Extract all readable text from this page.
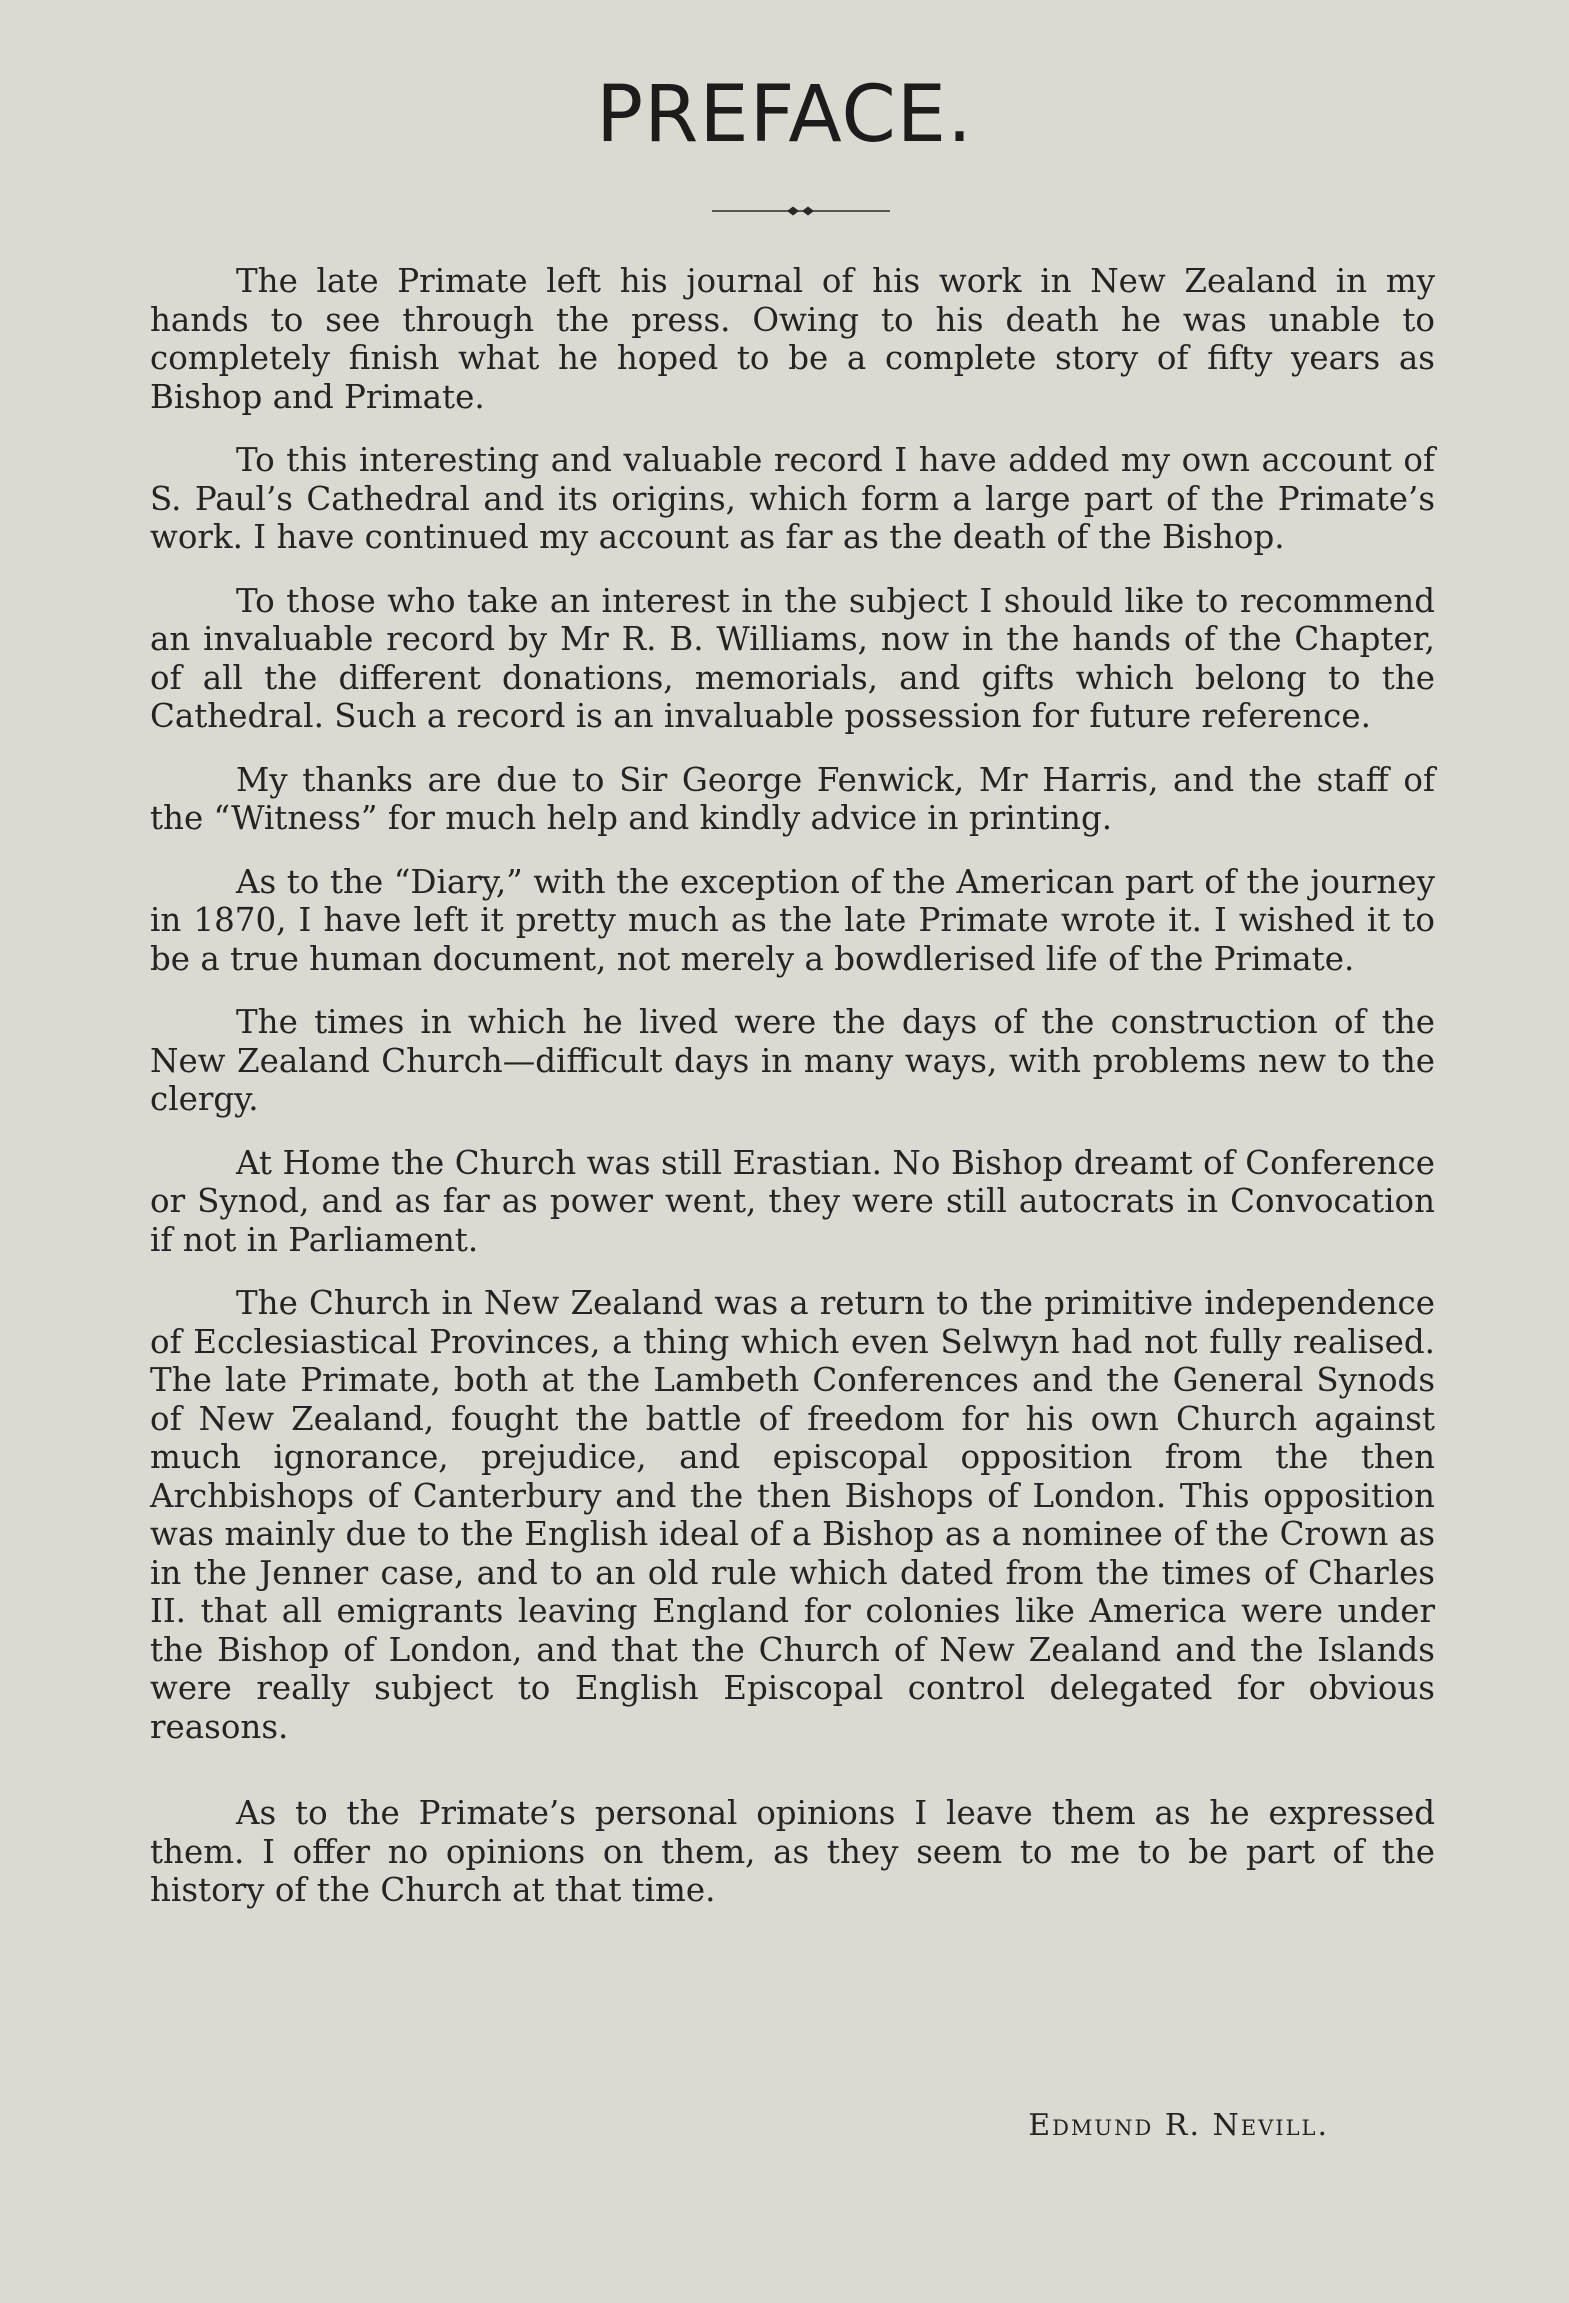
PREFACE.

The late Primate left his journal of his work in New Zealand in my hands to see through the press. Owing to his death he was unable to completely finish what he hoped to be a complete story of fifty years as Bishop and Primate.

To this interesting and valuable record I have added my own account of S. Paul’s Cathedral and its origins, which form a large part of the Primate’s work. I have continued my account as far as the death of the Bishop.

To those who take an interest in the subject I should like to recommend an invaluable record by Mr R. B. Williams, now in the hands of the Chapter, of all the different donations, memorials, and gifts which belong to the Cathedral. Such a record is an invaluable possession for future reference.

My thanks are due to Sir George Fenwick, Mr Harris, and the staff of the “Witness” for much help and kindly advice in printing.

As to the “Diary,” with the exception of the American part of the journey in 1870, I have left it pretty much as the late Primate wrote it. I wished it to be a true human document, not merely a bowdlerised life of the Primate.

The times in which he lived were the days of the construction of the New Zealand Church—difficult days in many ways, with problems new to the clergy.

At Home the Church was still Erastian. No Bishop dreamt of Conference or Synod, and as far as power went, they were still autocrats in Convocation if not in Parliament.

The Church in New Zealand was a return to the primitive independence of Ecclesiastical Provinces, a thing which even Selwyn had not fully realised. The late Primate, both at the Lambeth Conferences and the General Synods of New Zealand, fought the battle of freedom for his own Church against much ignorance, prejudice, and episcopal opposition from the then Archbishops of Canterbury and the then Bishops of London. This opposition was mainly due to the English ideal of a Bishop as a nominee of the Crown as in the Jenner case, and to an old rule which dated from the times of Charles II. that all emigrants leaving England for colonies like America were under the Bishop of London, and that the Church of New Zealand and the Islands were really subject to English Episcopal control delegated for obvious reasons.

As to the Primate’s personal opinions I leave them as he expressed them. I offer no opinions on them, as they seem to me to be part of the history of the Church at that time.

Edmund R. Nevill.
